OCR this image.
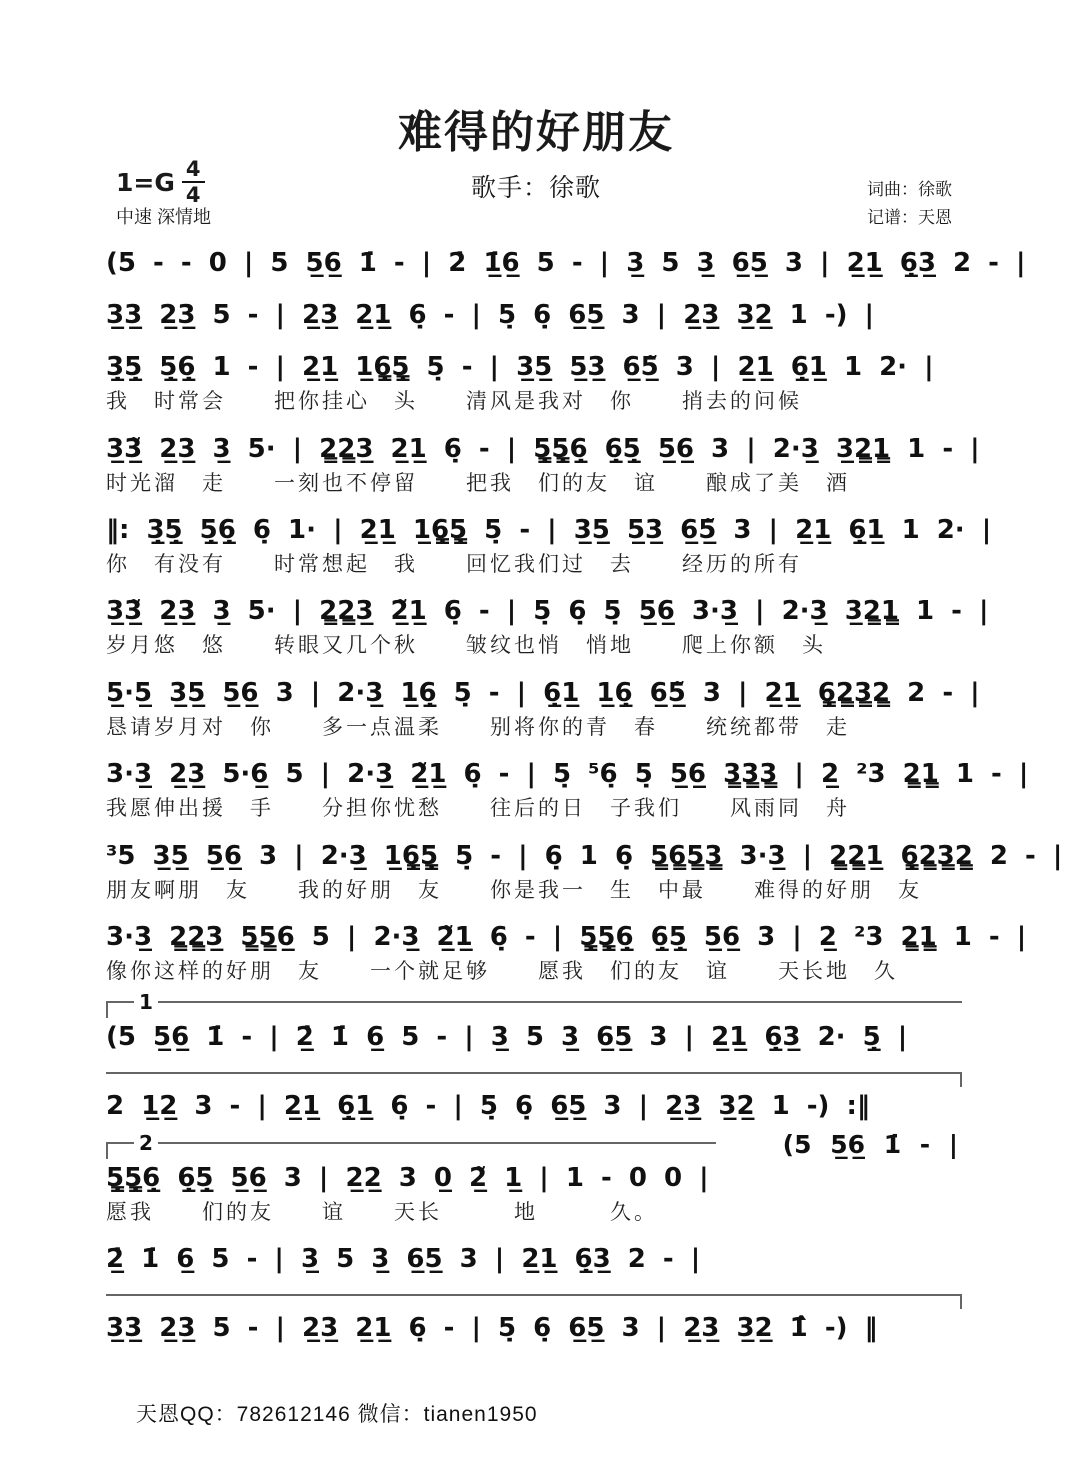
难得的好朋友
$1=G \frac{4}{4}$	歌手：徐歌	词曲：徐歌
记谱：天恩
中速 深情地
(5 - - 0 | 5 5̲6̲ 1̇ - | 2̇ 1̲̇6̲ 5 - | 3̲ 5 3̲ 6̲5̲ 3 | 2̲1̲ 6̲̣3̲ 2 - |
3̲3̲ 2̲3̲ 5 - | 2̲3̲ 2̲1̲ 6̣ - | 5̣ 6̣ 6̲5̲ 3 | 2̲3̲ 3̲2̲ 1 -) |
3̲̣5̲̣ 5̲̣6̲̣ 1 - | 2̲1̲ 1̲6̳̣5̳̣ 5̣ - | 3̲5̲ 5̲3̲ 6̲5̲̃ 3 | 2̲1̲ 6̲̣1̲ 1 2· |
我　时常会　　把你挂心　头　　清风是我对　你　　捎去的问候
3̲3̲̃ 2̲3̲ 3̲ 5· | 2̳2̳3̲ 2̲1̲ 6̣ - | 5̳̣5̳̣6̲̣ 6̲̣5̲̣ 5̲6̲ 3 | 2·3̲ 3̲2̳1̳ 1 - |
时光溜　走　　一刻也不停留　　把我　们的友　谊　　酿成了美　酒
‖: 3̲̣5̲̣ 5̲̣6̲̣ 6̣ 1· | 2̲1̲ 1̲6̳̣5̳̣ 5̣ - | 3̲5̲ 5̲3̲ 6̲5̲̃ 3 | 2̲1̲ 6̲̣1̲ 1 2· |
你　有没有　　时常想起　我　　回忆我们过　去　　经历的所有
3̲3̲̃ 2̲3̲ 3̲ 5· | 2̳2̳3̲ 2̲̃1̲ 6̣ - | 5̣ 6̣ 5̣ 5̲6̲ 3·3̲ | 2·3̲ 3̲2̳1̳ 1 - |
岁月悠　悠　　转眼又几个秋　　皱纹也悄　悄地　　爬上你额　头
5̲·5̲ 3̲5̲ 5̲6̲ 3 | 2·3̲ 1̲6̲̣ 5̣ - | 6̲̣1̲ 1̲6̲̣ 6̲5̲̃ 3 | 2̲1̲ 6̳̣2̳3̳2̳ 2 - |
恳请岁月对　你　　多一点温柔　　别将你的青　春　　统统都带　走
3·3̲ 2̲3̲ 5·6̲ 5 | 2·3̲ 2̲̃1̲ 6̣ - | 5̣ ⁵6̣ 5̣ 5̲6̲ 3̳3̳3̳ | 2̲ ²3 2̳1̳ 1 - |
我愿伸出援　手　　分担你忧愁　　往后的日　子我们　　风雨同　舟
³5 3̲5̲ 5̲6̲ 3 | 2·3̲ 1̲6̳̣5̳̣ 5̣ - | 6̣ 1 6̣ 5̳6̳5̳3̳ 3·3̲ | 2̳2̳1̲ 6̳̣2̳3̳2̳ 2 - |
朋友啊朋　友　　我的好朋　友　　你是我一　生　中最　　难得的好朋　友
3·3̲ 2̳2̳3̲ 5̳5̳6̲ 5 | 2·3̲ 2̲̃1̲ 6̣ - | 5̳̣5̳̣6̲̣ 6̲̣5̲̣ 5̲6̲ 3 | 2̲ ²3 2̳1̳ 1 - |
像你这样的好朋　友　　一个就足够　　愿我　们的友　谊　　天长地　久
1
(5 5̲6̲ 1̇ - | 2̲̇ 1̇ 6̲ 5 - | 3̲ 5 3̲ 6̲5̲ 3 | 2̲1̲ 6̲̣3̲ 2· 5̲̣ |
2 1̲2̲ 3 - | 2̲1̲ 6̲̣1̲ 6̣ - | 5̣ 6̣ 6̲5̲ 3 | 2̲3̲ 3̲2̲ 1 -) :‖
2	(5 5̲6̲ 1̇ - |
5̳̣5̳̣6̲̣ 6̲̣5̲̣ 5̲6̲ 3 | 2̲2̲ 3 0̲ 2̲̃ 1̲ | 1 - 0 0 |
愿我　　们的友　　谊　　天长　　　地　　　久。
2̲̇ 1̇ 6̲ 5 - | 3̲ 5 3̲ 6̲5̲ 3 | 2̲1̲ 6̲̣3̲ 2 - |
3̲3̲ 2̲3̲ 5 - | 2̲3̲ 2̲1̲ 6̣ - | 5̣ 6̣ 6̲5̲ 3 | 2̲3̲ 3̲2̲ 1̇̂ -) ‖
天恩QQ：782612146 微信：tianen1950
